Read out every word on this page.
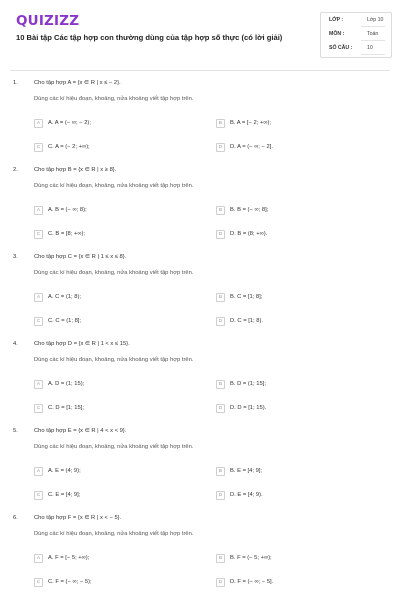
QUIZIZZ
10 Bài tập Các tập hợp con thường dùng của tập hợp số thực (có lời giải)
LỚP :	Lớp 10
MÔN :	Toán
SỐ CÂU :	10
1.	Cho tập hợp A = {x ∈ R | x ≤ − 2}.
Dùng các kí hiệu đoạn, khoảng, nửa khoảng viết tập hợp trên.
A	A. A = (− ∞; − 2);	B	B. A = [− 2; +∞);
C	C. A = (− 2; +∞);	D	D. A = (− ∞; − 2].
2.	Cho tập hợp B = {x ∈ R | x ≥ 8}.
Dùng các kí hiệu đoạn, khoảng, nửa khoảng viết tập hợp trên.
A	A. B = (− ∞; 8);	B	B. B = (− ∞; 8];
C	C. B = [8; +∞);	D	D. B = (8; +∞).
3.	Cho tập hợp C = {x ∈ R | 1 ≤ x ≤ 8}.
Dùng các kí hiệu đoạn, khoảng, nửa khoảng viết tập hợp trên.
A	A. C = (1; 8);	B	B. C = [1; 8];
C	C. C = (1; 8];	D	D. C = [1; 8).
4.	Cho tập hợp D = {x ∈ R | 1 < x ≤ 15}.
Dùng các kí hiệu đoạn, khoảng, nửa khoảng viết tập hợp trên.
A	A. D = (1; 15);	B	B. D = (1; 15];
C	C. D = [1; 15];	D	D. D = [1; 15).
5.	Cho tập hợp E = {x ∈ R | 4 < x < 9}.
Dùng các kí hiệu đoạn, khoảng, nửa khoảng viết tập hợp trên.
A	A. E = (4; 9);	B	B. E = [4; 9];
C	C. E = [4; 9];	D	D. E = [4; 9).
6.	Cho tập hợp F = {x ∈ R | x < − 5}.
Dùng các kí hiệu đoạn, khoảng, nửa khoảng viết tập hợp trên.
A	A. F = [− 5; +∞);	B	B. F = (− 5; +∞);
C	C. F = (− ∞; − 5);	D	D. F = (− ∞; − 5].
